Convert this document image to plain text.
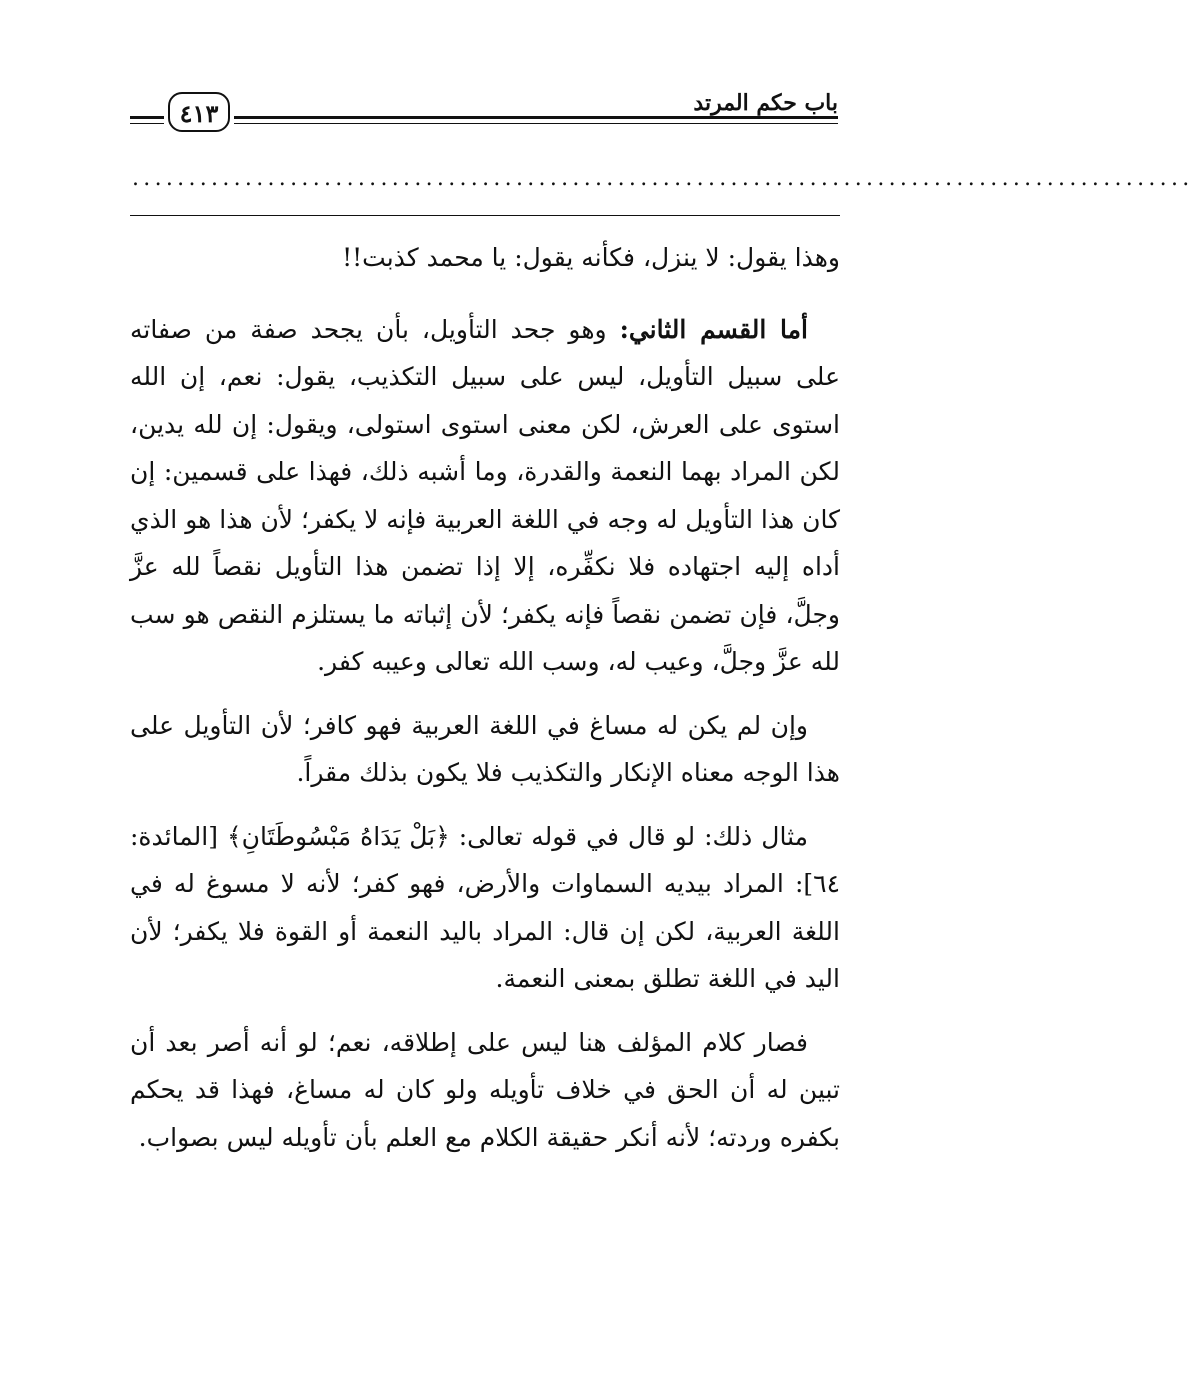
٤١٣	باب حكم المرتد
..............................................................................................

وهذا يقول: لا ينزل، فكأنه يقول: يا محمد كذبت!!

أما القسم الثاني: وهو جحد التأويل، بأن يجحد صفة من صفاته على سبيل التأويل، ليس على سبيل التكذيب، يقول: نعم، إن الله استوى على العرش، لكن معنى استوى استولى، ويقول: إن لله يدين، لكن المراد بهما النعمة والقدرة، وما أشبه ذلك، فهذا على قسمين: إن كان هذا التأويل له وجه في اللغة العربية فإنه لا يكفر؛ لأن هذا هو الذي أداه إليه اجتهاده فلا نكفِّره، إلا إذا تضمن هذا التأويل نقصاً لله عزَّ وجلَّ، فإن تضمن نقصاً فإنه يكفر؛ لأن إثباته ما يستلزم النقص هو سب لله عزَّ وجلَّ، وعيب له، وسب الله تعالى وعيبه كفر.

وإن لم يكن له مساغ في اللغة العربية فهو كافر؛ لأن التأويل على هذا الوجه معناه الإنكار والتكذيب فلا يكون بذلك مقراً.

مثال ذلك: لو قال في قوله تعالى: ﴿بَلْ يَدَاهُ مَبْسُوطَتَانِ﴾ [المائدة: ٦٤]: المراد بيديه السماوات والأرض، فهو كفر؛ لأنه لا مسوغ له في اللغة العربية، لكن إن قال: المراد باليد النعمة أو القوة فلا يكفر؛ لأن اليد في اللغة تطلق بمعنى النعمة.

فصار كلام المؤلف هنا ليس على إطلاقه، نعم؛ لو أنه أصر بعد أن تبين له أن الحق في خلاف تأويله ولو كان له مساغ، فهذا قد يحكم بكفره وردته؛ لأنه أنكر حقيقة الكلام مع العلم بأن تأويله ليس بصواب.
